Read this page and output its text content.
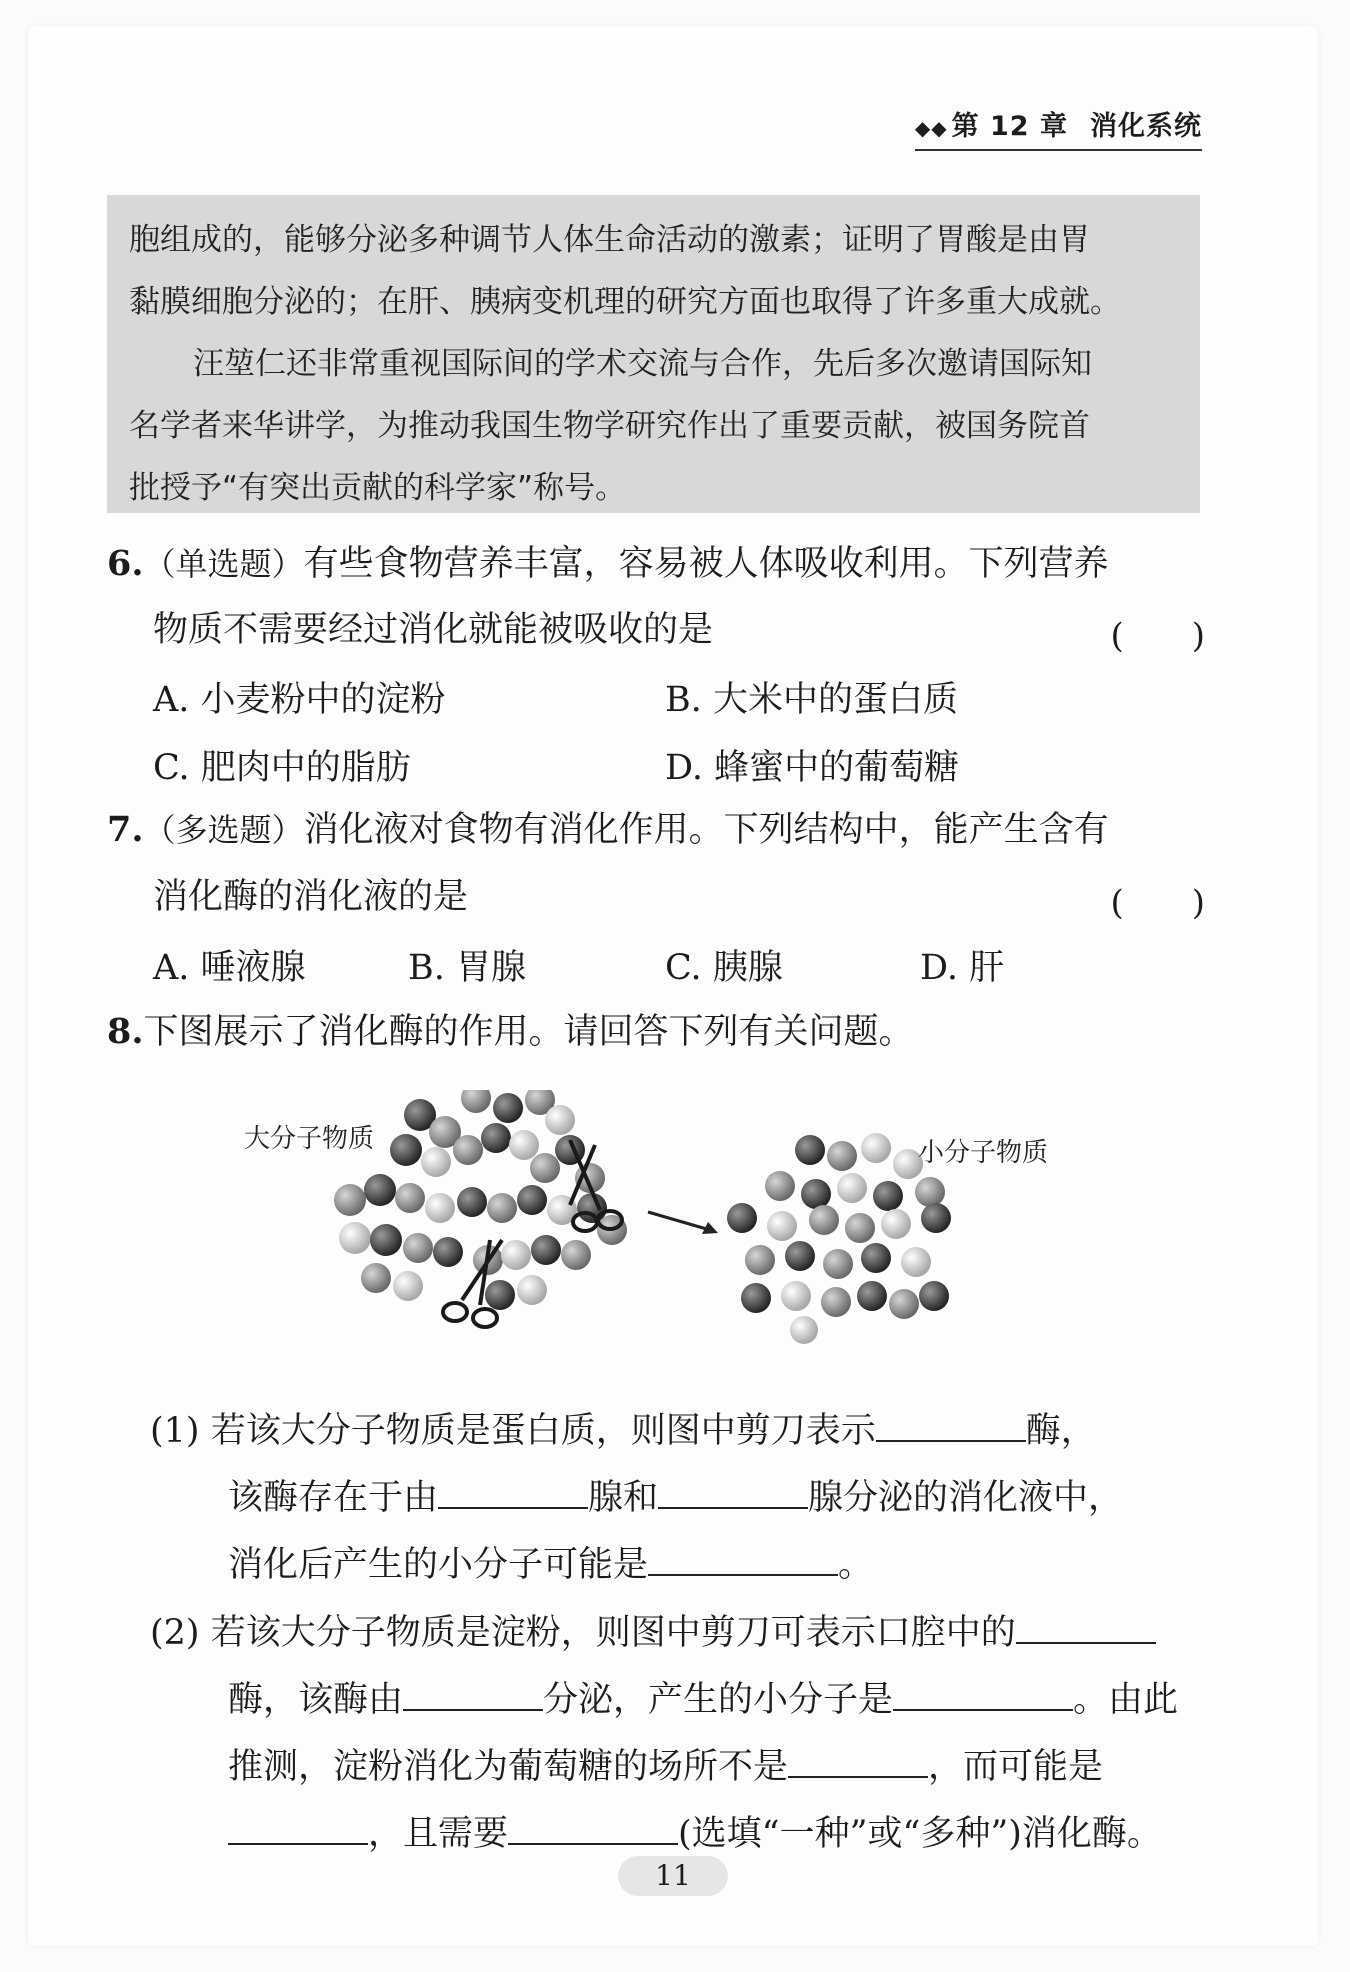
◆◆ 第 12 章 消化系统

胞组成的，能够分泌多种调节人体生命活动的激素；证明了胃酸是由胃

黏膜细胞分泌的；在肝、胰病变机理的研究方面也取得了许多重大成就。

汪堃仁还非常重视国际间的学术交流与合作，先后多次邀请国际知

名学者来华讲学，为推动我国生物学研究作出了重要贡献，被国务院首

批授予“有突出贡献的科学家”称号。

6.（单选题）有些食物营养丰富，容易被人体吸收利用。下列营养
物质不需要经过消化就能被吸收的是	(　　)
A. 小麦粉中的淀粉	B. 大米中的蛋白质
C. 肥肉中的脂肪	D. 蜂蜜中的葡萄糖
7.（多选题）消化液对食物有消化作用。下列结构中，能产生含有
消化酶的消化液的是	(　　)
A. 唾液腺	B. 胃腺	C. 胰腺	D. 肝
8.下图展示了消化酶的作用。请回答下列有关问题。
大分子物质	小分子物质
(1) 若该大分子物质是蛋白质，则图中剪刀表示	酶，
该酶存在于由	腺和	腺分泌的消化液中，
消化后产生的小分子可能是	。
(2) 若该大分子物质是淀粉，则图中剪刀可表示口腔中的
酶，该酶由	分泌，产生的小分子是	。由此
推测，淀粉消化为葡萄糖的场所不是	，而可能是
，且需要	(选填“一种”或“多种”)消化酶。
11
